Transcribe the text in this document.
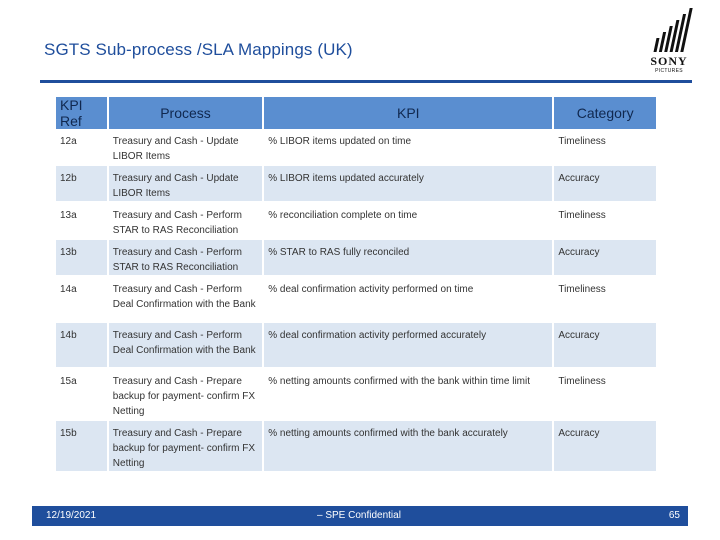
SGTS Sub-process /SLA Mappings (UK)
SONY
PICTURES
KPI Ref	Process	KPI	Category
12a	Treasury and Cash - Update LIBOR Items	% LIBOR items updated on time	Timeliness
12b	Treasury and Cash - Update LIBOR Items	% LIBOR items updated accurately	Accuracy
13a	Treasury and Cash - Perform STAR to RAS Reconciliation	% reconciliation complete on time	Timeliness
13b	Treasury and Cash - Perform STAR to RAS Reconciliation	% STAR to RAS fully reconciled	Accuracy
14a	Treasury and Cash - Perform Deal Confirmation with the Bank	% deal confirmation activity performed on time	Timeliness
14b	Treasury and Cash - Perform Deal Confirmation with the Bank	% deal confirmation activity performed accurately	Accuracy
15a	Treasury and Cash - Prepare backup for payment- confirm FX Netting	% netting amounts confirmed with the bank within time limit	Timeliness
15b	Treasury and Cash - Prepare backup for payment- confirm FX Netting	% netting amounts confirmed with the bank accurately	Accuracy
12/19/2021	– SPE Confidential	65
